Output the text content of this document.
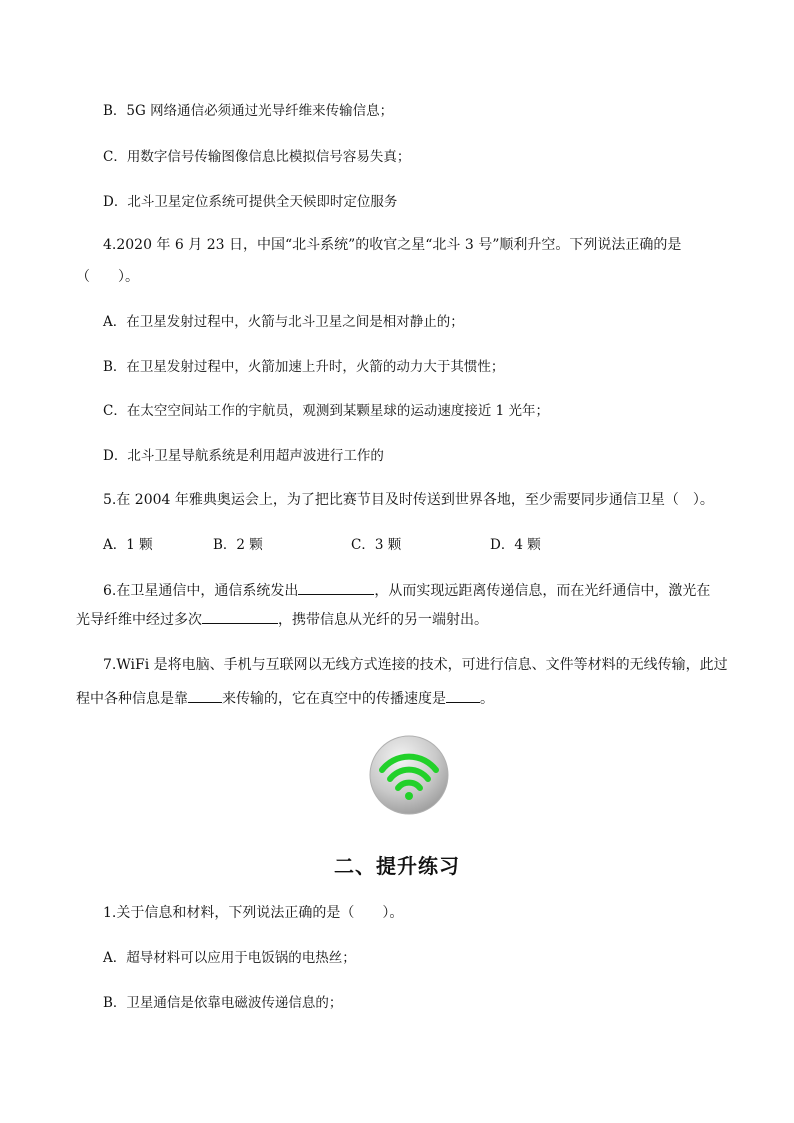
B．5G 网络通信必须通过光导纤维来传输信息；
C．用数字信号传输图像信息比模拟信号容易失真；
D．北斗卫星定位系统可提供全天候即时定位服务
4.2020 年 6 月 23 日，中国“北斗系统”的收官之星“北斗 3 号”顺利升空。下列说法正确的是
（　　）。
A．在卫星发射过程中，火箭与北斗卫星之间是相对静止的；
B．在卫星发射过程中，火箭加速上升时，火箭的动力大于其惯性；
C．在太空空间站工作的宇航员，观测到某颗星球的运动速度接近 1 光年；
D．北斗卫星导航系统是利用超声波进行工作的
5.在 2004 年雅典奥运会上，为了把比赛节目及时传送到世界各地，至少需要同步通信卫星（　）。
A．1 颗	B．2 颗	C．3 颗	D．4 颗
6.在卫星通信中，通信系统发出	，从而实现远距离传递信息，而在光纤通信中，激光在
光导纤维中经过多次	，携带信息从光纤的另一端射出。
7.WiFi 是将电脑、手机与互联网以无线方式连接的技术，可进行信息、文件等材料的无线传输，此过
程中各种信息是靠 来传输的，它在真空中的传播速度是 。
二、提升练习
1.关于信息和材料，下列说法正确的是（　　）。
A．超导材料可以应用于电饭锅的电热丝；
B．卫星通信是依靠电磁波传递信息的；
